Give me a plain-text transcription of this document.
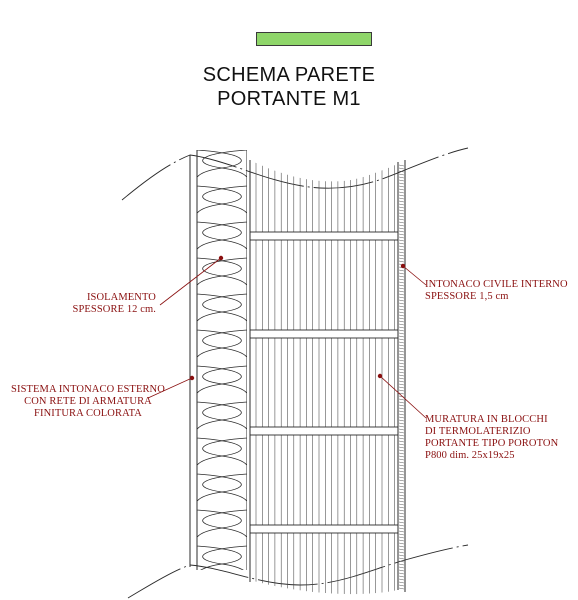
SCHEMA PARETE
PORTANTE M1
ISOLAMENTO
SPESSORE 12 cm.
SISTEMA INTONACO ESTERNO
CON RETE DI ARMATURA
FINITURA COLORATA
INTONACO CIVILE INTERNO
SPESSORE 1,5 cm
MURATURA IN BLOCCHI
DI TERMOLATERIZIO
PORTANTE TIPO POROTON
P800 dim. 25x19x25
